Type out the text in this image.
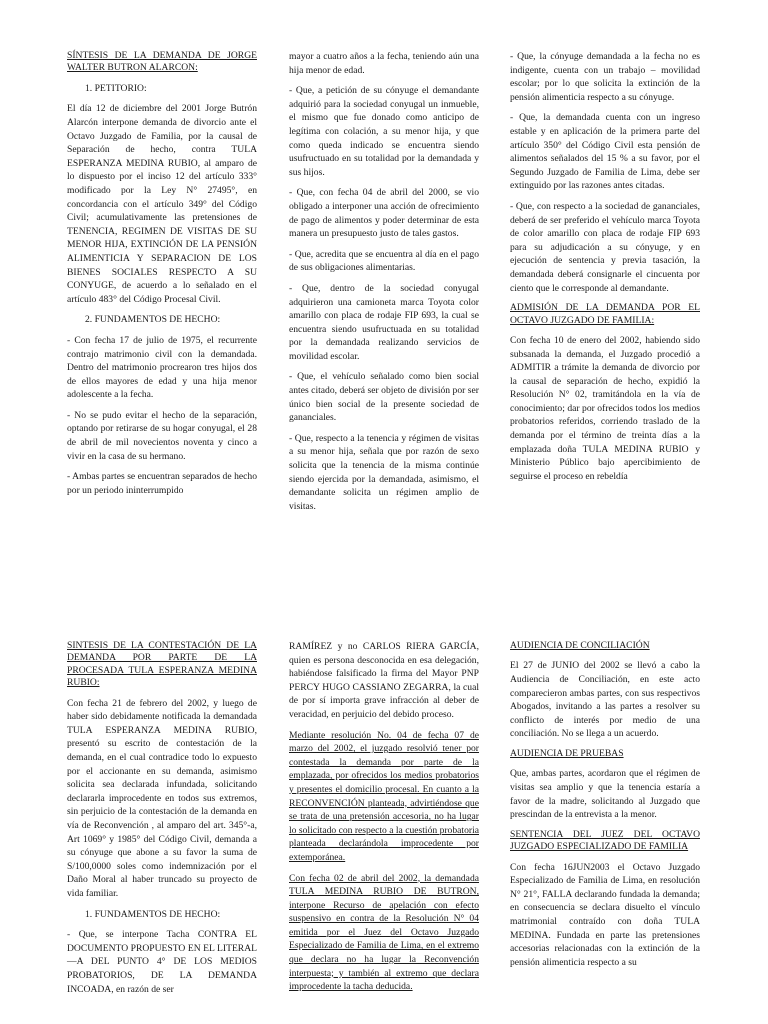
SÍNTESIS DE LA DEMANDA DE JORGE WALTER BUTRON ALARCON:

1. PETITORIO:

El día 12 de diciembre del 2001 Jorge Butrón Alarcón interpone demanda de divorcio ante el Octavo Juzgado de Familia, por la causal de Separación de hecho, contra TULA ESPERANZA MEDINA RUBIO, al amparo de lo dispuesto por el inciso 12 del artículo 333° modificado por la Ley N° 27495°, en concordancia con el artículo 349° del Código Civil; acumulativamente las pretensiones de TENENCIA, REGIMEN DE VISITAS DE SU MENOR HIJA, EXTINCIÓN DE LA PENSIÓN ALIMENTICIA Y SEPARACION DE LOS BIENES SOCIALES RESPECTO A SU CONYUGE, de acuerdo a lo señalado en el artículo 483° del Código Procesal Civil.

2. FUNDAMENTOS DE HECHO:

- Con fecha 17 de julio de 1975, el recurrente contrajo matrimonio civil con la demandada. Dentro del matrimonio procrearon tres hijos dos de ellos mayores de edad y una hija menor adolescente a la fecha.

- No se pudo evitar el hecho de la separación, optando por retirarse de su hogar conyugal, el 28 de abril de mil novecientos noventa y cinco a vivir en la casa de su hermano.

- Ambas partes se encuentran separados de hecho por un periodo ininterrumpido

mayor a cuatro años a la fecha, teniendo aún una hija menor de edad.

- Que, a petición de su cónyuge el demandante adquirió para la sociedad conyugal un inmueble, el mismo que fue donado como anticipo de legítima con colación, a su menor hija, y que como queda indicado se encuentra siendo usufructuado en su totalidad por la demandada y sus hijos.

- Que, con fecha 04 de abril del 2000, se vio obligado a interponer una acción de ofrecimiento de pago de alimentos y poder determinar de esta manera un presupuesto justo de tales gastos.

- Que, acredita que se encuentra al día en el pago de sus obligaciones alimentarias.

- Que, dentro de la sociedad conyugal adquirieron una camioneta marca Toyota color amarillo con placa de rodaje FIP 693, la cual se encuentra siendo usufructuada en su totalidad por la demandada realizando servicios de movilidad escolar.

- Que, el vehículo señalado como bien social antes citado, deberá ser objeto de división por ser único bien social de la presente sociedad de gananciales.

- Que, respecto a la tenencia y régimen de visitas a su menor hija, señala que por razón de sexo solicita que la tenencia de la misma continúe siendo ejercida por la demandada, asimismo, el demandante solicita un régimen amplio de visitas.

- Que, la cónyuge demandada a la fecha no es indigente, cuenta con un trabajo – movilidad escolar; por lo que solicita la extinción de la pensión alimenticia respecto a su cónyuge.

- Que, la demandada cuenta con un ingreso estable y en aplicación de la primera parte del artículo 350° del Código Civil esta pensión de alimentos señalados del 15 % a su favor, por el Segundo Juzgado de Familia de Lima, debe ser extinguido por las razones antes citadas.

- Que, con respecto a la sociedad de gananciales, deberá de ser preferido el vehículo marca Toyota de color amarillo con placa de rodaje FIP 693 para su adjudicación a su cónyuge, y en ejecución de sentencia y previa tasación, la demandada deberá consignarle el cincuenta por ciento que le corresponde al demandante.

ADMISIÓN DE LA DEMANDA POR EL OCTAVO JUZGADO DE FAMILIA:

Con fecha 10 de enero del 2002, habiendo sido subsanada la demanda, el Juzgado procedió a ADMITIR a trámite la demanda de divorcio por la causal de separación de hecho, expidió la Resolución N° 02, tramitándola en la vía de conocimiento; dar por ofrecidos todos los medios probatorios referidos, corriendo traslado de la demanda por el término de treinta días a la emplazada doña TULA MEDINA RUBIO y Ministerio Público bajo apercibimiento de seguirse el proceso en rebeldía

SINTESIS DE LA CONTESTACIÓN DE LA DEMANDA POR PARTE DE LA PROCESADA TULA ESPERANZA MEDINA RUBIO:

Con fecha 21 de febrero del 2002, y luego de haber sido debidamente notificada la demandada TULA ESPERANZA MEDINA RUBIO, presentó su escrito de contestación de la demanda, en el cual contradice todo lo expuesto por el accionante en su demanda, asimismo solicita sea declarada infundada, solicitando declararla improcedente en todos sus extremos, sin perjuicio de la contestación de la demanda en vía de Reconvención , al amparo del art. 345°-a, Art 1069° y 1985° del Código Civil, demanda a su cónyuge que abone a su favor la suma de S/100,0000 soles como indemnización por el Daño Moral al haber truncado su proyecto de vida familiar.

1. FUNDAMENTOS DE HECHO:

- Que, se interpone Tacha CONTRA EL DOCUMENTO PROPUESTO EN EL LITERAL —A DEL PUNTO 4° DE LOS MEDIOS PROBATORIOS, DE LA DEMANDA INCOADA, en razón de ser

RAMÍREZ y no CARLOS RIERA GARCÍA, quien es persona desconocida en esa delegación, habiéndose falsificado la firma del Mayor PNP PERCY HUGO CASSIANO ZEGARRA, la cual de por sí importa grave infracción al deber de veracidad, en perjuicio del debido proceso.

Mediante resolución No. 04 de fecha 07 de marzo del 2002, el juzgado resolvió tener por contestada la demanda por parte de la emplazada, por ofrecidos los medios probatorios y presentes el domicilio procesal. En cuanto a la RECONVENCIÓN planteada, advirtiéndose que se trata de una pretensión accesoria, no ha lugar lo solicitado con respecto a la cuestión probatoria planteada declarándola improcedente por extemporánea.

Con fecha 02 de abril del 2002, la demandada TULA MEDINA RUBIO DE BUTRON, interpone Recurso de apelación con efecto suspensivo en contra de la Resolución N° 04 emitida por el Juez del Octavo Juzgado Especializado de Familia de Lima, en el extremo que declara no ha lugar la Reconvención interpuesta; y también al extremo que declara improcedente la tacha deducida.

AUDIENCIA DE CONCILIACIÓN

El 27 de JUNIO del 2002 se llevó a cabo la Audiencia de Conciliación, en este acto comparecieron ambas partes, con sus respectivos Abogados, invitando a las partes a resolver su conflicto de interés por medio de una conciliación. No se llega a un acuerdo.

AUDIENCIA DE PRUEBAS

Que, ambas partes, acordaron que el régimen de visitas sea amplio y que la tenencia estaría a favor de la madre, solicitando al Juzgado que prescindan de la entrevista a la menor.

SENTENCIA DEL JUEZ DEL OCTAVO JUZGADO ESPECIALIZADO DE FAMILIA

Con fecha 16JUN2003 el Octavo Juzgado Especializado de Familia de Lima, en resolución N° 21°, FALLA declarando fundada la demanda; en consecuencia se declara disuelto el vínculo matrimonial contraído con doña TULA MEDINA. Fundada en parte las pretensiones accesorias relacionadas con la extinción de la pensión alimenticia respecto a su
